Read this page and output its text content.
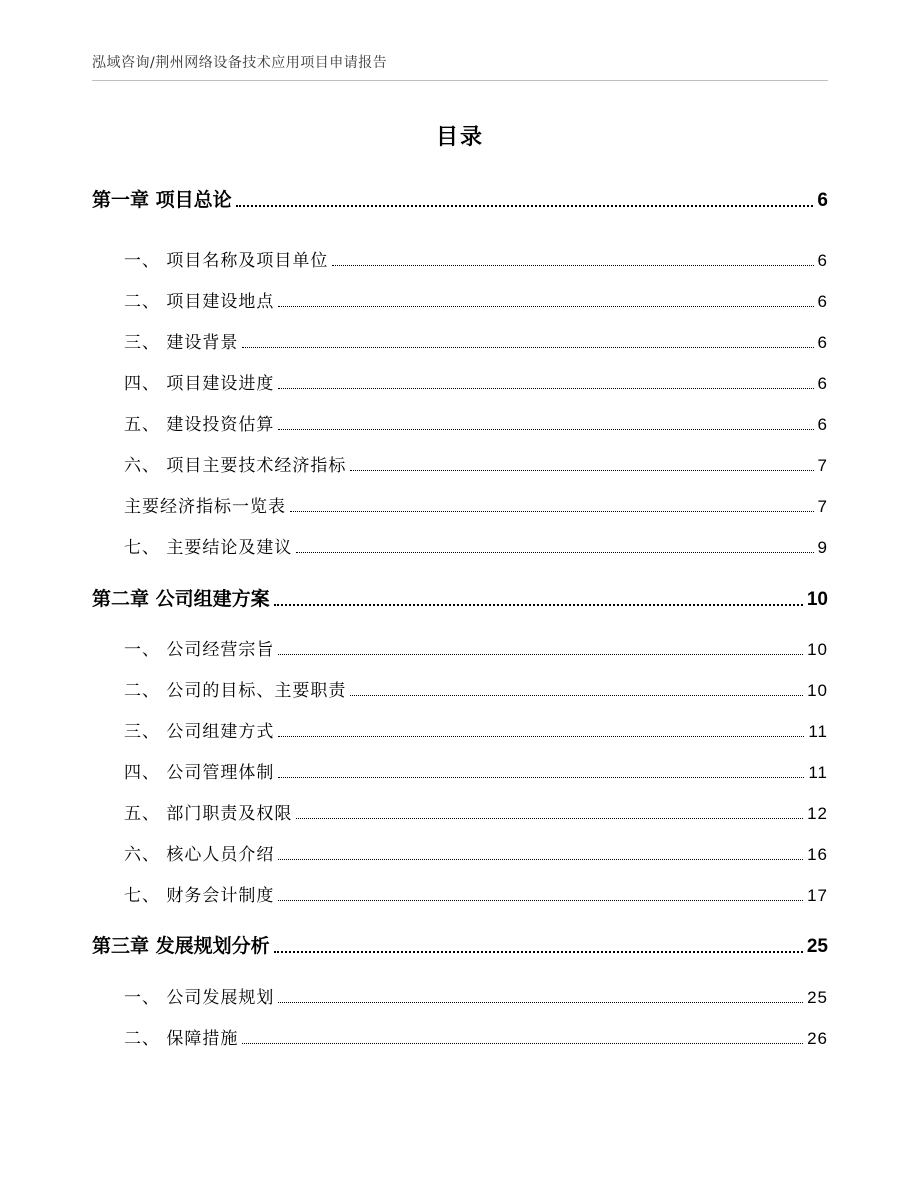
泓域咨询/荆州网络设备技术应用项目申请报告
目录
第一章 项目总论	6
一、 项目名称及项目单位	6
二、 项目建设地点	6
三、 建设背景	6
四、 项目建设进度	6
五、 建设投资估算	6
六、 项目主要技术经济指标	7
主要经济指标一览表	7
七、 主要结论及建议	9
第二章 公司组建方案	10
一、 公司经营宗旨	10
二、 公司的目标、主要职责	10
三、 公司组建方式	11
四、 公司管理体制	11
五、 部门职责及权限	12
六、 核心人员介绍	16
七、 财务会计制度	17
第三章 发展规划分析	25
一、 公司发展规划	25
二、 保障措施	26
